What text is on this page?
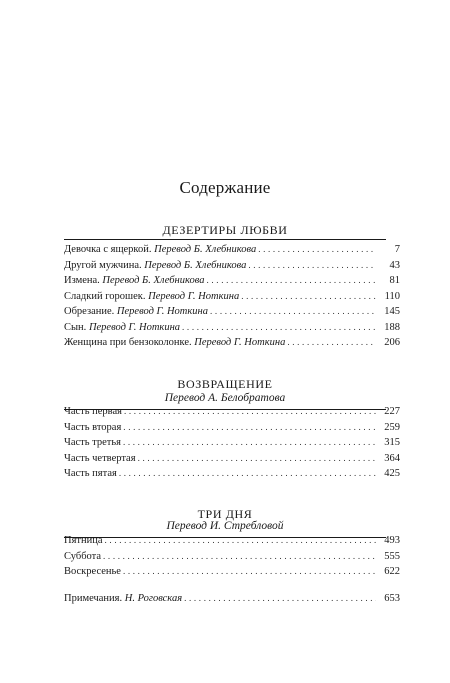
Содержание
ДЕЗЕРТИРЫ ЛЮБВИ
Девочка с ящеркой. Перевод Б. Хлебникова . . .	7
Другой мужчина. Перевод Б. Хлебникова . . .	43
Измена. Перевод Б. Хлебникова . . .	81
Сладкий горошек. Перевод Г. Ноткина . . .	110
Обрезание. Перевод Г. Ноткина . . .	145
Сын. Перевод Г. Ноткина . . .	188
Женщина при бензоколонке. Перевод Г. Ноткина . . .	206
ВОЗВРАЩЕНИЕ
Перевод А. Белобратова
Часть первая . . .	227
Часть вторая . . .	259
Часть третья . . .	315
Часть четвертая . . .	364
Часть пятая . . .	425
ТРИ ДНЯ
Перевод И. Стребловой
Пятница . . .	493
Суббота . . .	555
Воскресенье . . .	622
Примечания. Н. Роговская . . .	653
